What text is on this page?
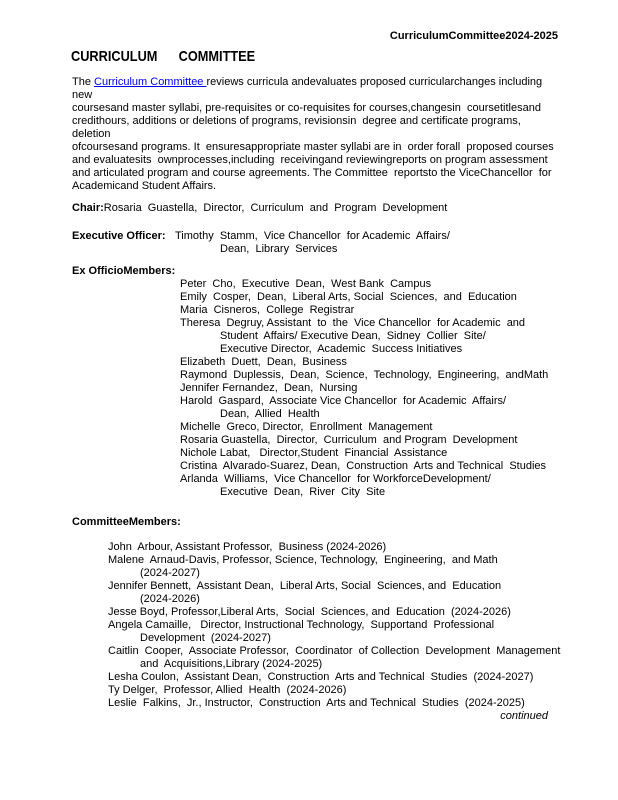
CurriculumCommittee2024-2025
CURRICULUM      COMMITTEE
The Curriculum Committee reviews curricula andevaluates proposed curricularchanges including new
coursesand master syllabi, pre-requisites or co-requisites for courses,changesin  coursetitlesand
credithours, additions or deletions of programs, revisionsin  degree and certificate programs, deletion
ofcoursesand programs. It  ensuresappropriate master syllabi are in  order forall  proposed courses
and evaluatesits  ownprocesses,including  receivingand reviewingreports on program assessment
and articulated program and course agreements. The Committee  reportsto the ViceChancellor  for
Academicand Student Affairs.
Chair:Rosaria  Guastella,  Director,  Curriculum  and  Program  Development
Executive Officer: Timothy  Stamm,  Vice Chancellor  for Academic  Affairs/
Dean,  Library  Services
Ex OfficioMembers:
Peter  Cho,  Executive  Dean,  West Bank  Campus
Emily  Cosper,  Dean,  Liberal Arts, Social  Sciences,  and  Education
Maria  Cisneros,  College  Registrar
Theresa  Degruy, Assistant  to  the  Vice Chancellor  for Academic  and
Student  Affairs/ Executive Dean,  Sidney  Collier  Site/
Executive Director,  Academic  Success Initiatives
Elizabeth  Duett,  Dean,  Business
Raymond  Duplessis,  Dean,  Science,  Technology,  Engineering,  andMath
Jennifer Fernandez,  Dean,  Nursing
Harold  Gaspard,  Associate Vice Chancellor  for Academic  Affairs/
Dean,  Allied  Health
Michelle  Greco, Director,  Enrollment  Management
Rosaria Guastella,  Director,  Curriculum  and Program  Development
Nichole Labat,   Director,Student  Financial  Assistance
Cristina  Alvarado-Suarez, Dean,  Construction  Arts and Technical  Studies
Arlanda  Williams,  Vice Chancellor  for WorkforceDevelopment/
Executive  Dean,  River  City  Site
CommitteeMembers:
John  Arbour, Assistant Professor,  Business (2024-2026)
Malene  Arnaud-Davis, Professor, Science, Technology,  Engineering,  and Math
(2024-2027)
Jennifer Bennett,  Assistant Dean,  Liberal Arts, Social  Sciences, and  Education
(2024-2026)
Jesse Boyd, Professor,Liberal Arts,  Social  Sciences, and  Education  (2024-2026)
Angela Camaille,   Director, Instructional Technology,  Supportand  Professional
Development  (2024-2027)
Caitlin  Cooper,  Associate Professor,  Coordinator  of Collection  Development  Management
and  Acquisitions,Library (2024-2025)
Lesha Coulon,  Assistant Dean,  Construction  Arts and Technical  Studies  (2024-2027)
Ty Delger,  Professor, Allied  Health  (2024-2026)
Leslie  Falkins,  Jr., Instructor,  Construction  Arts and Technical  Studies  (2024-2025)
continued
